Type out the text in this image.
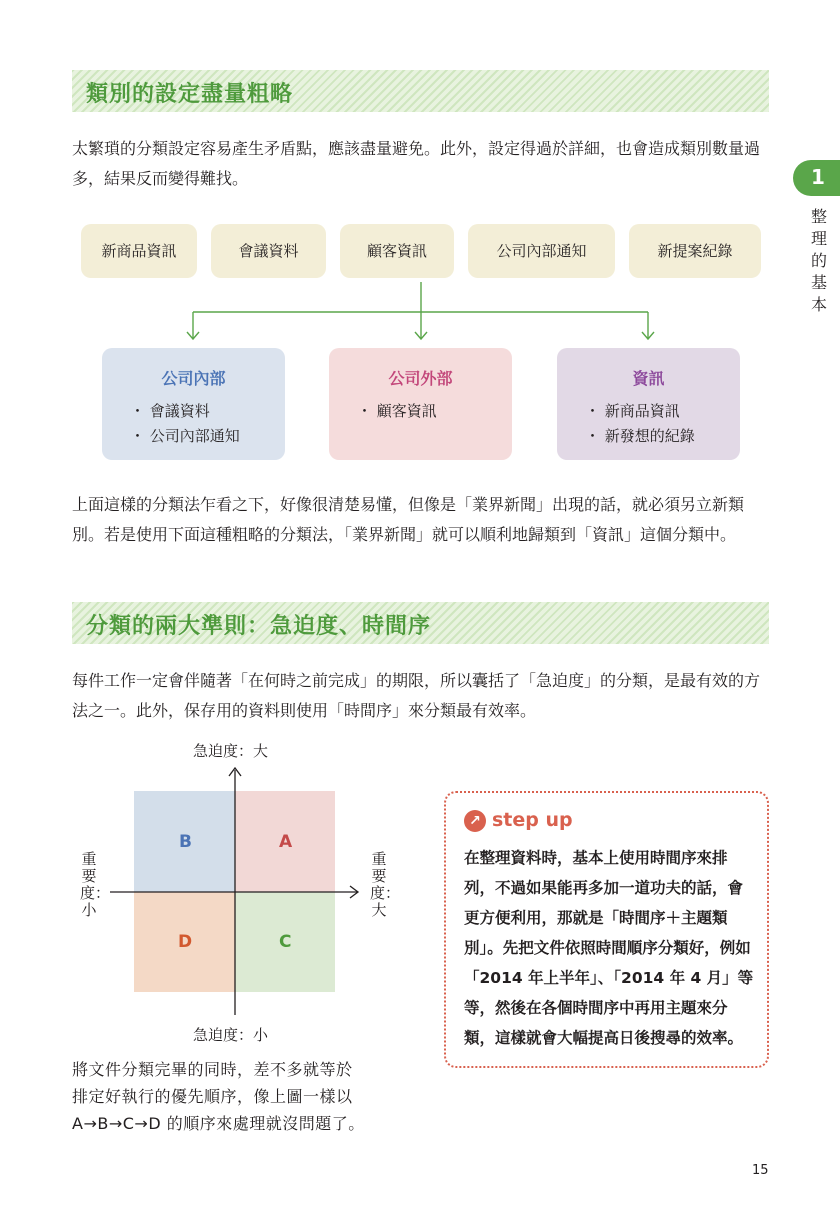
1
整理的基本
類別的設定盡量粗略
太繁瑣的分類設定容易產生矛盾點，應該盡量避免。此外，設定得過於詳細，也會造成類別數量過多，結果反而變得難找。
新商品資訊	會議資料	顧客資訊	公司內部通知	新提案紀錄
公司內部
・ 會議資料
・ 公司內部通知
公司外部
・ 顧客資訊
資訊
・ 新商品資訊
・ 新發想的紀錄
上面這樣的分類法乍看之下，好像很清楚易懂，但像是「業界新聞」出現的話，就必須另立新類別。若是使用下面這種粗略的分類法，「業界新聞」就可以順利地歸類到「資訊」這個分類中。
分類的兩大準則：急迫度、時間序
每件工作一定會伴隨著「在何時之前完成」的期限，所以囊括了「急迫度」的分類，是最有效的方法之一。此外，保存用的資料則使用「時間序」來分類最有效率。
B	A
D	C
急迫度：大
急迫度：小
重要度：小
重要度：大
將文件分類完畢的同時，差不多就等於
排定好執行的優先順序，像上圖一樣以
A→B→C→D 的順序來處理就沒問題了。
↗ step up
在整理資料時，基本上使用時間序來排列，不過如果能再多加一道功夫的話，會更方便利用，那就是「時間序＋主題類別」。先把文件依照時間順序分類好，例如「2014 年上半年」、「2014 年 4 月」等等，然後在各個時間序中再用主題來分類，這樣就會大幅提高日後搜尋的效率。
15
